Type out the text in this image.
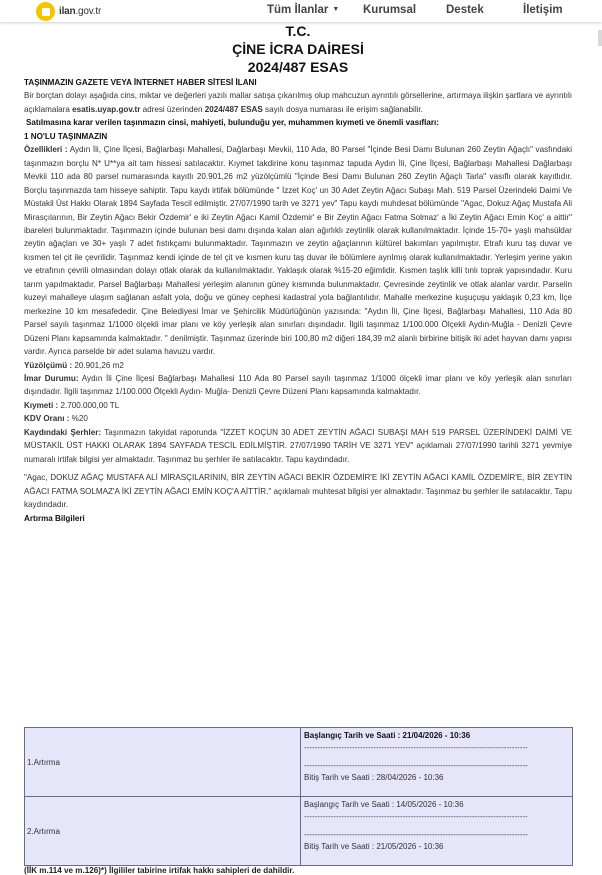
ilan.gov.tr	Tüm İlanlar ▼ Kurumsal	Destek	İletişim
T.C.
ÇİNE İCRA DAİRESİ
2024/487 ESAS
TAŞINMAZIN GAZETE VEYA İNTERNET HABER SİTESİ İLANI

Bir borçtan dolayı aşağıda cins, miktar ve değerleri yazılı mallar satışa çıkarılmış olup mahcuzun ayrıntılı görsellerine, artırmaya ilişkin şartlara ve ayrıntılı açıklamalara esatis.uyap.gov.tr adresi üzerinden 2024/487 ESAS sayılı dosya numarası ile erişim sağlanabilir.

Satılmasına karar verilen taşınmazın cinsi, mahiyeti, bulunduğu yer, muhammen kıymeti ve önemli vasıfları:
1 NO'LU TAŞINMAZIN

Özellikleri : Aydın İli, Çine İlçesi, Bağlarbaşı Mahallesi, Dağlarbaşı Mevkii, 110 Ada, 80 Parsel "İçinde Besi Damı Bulunan 260 Zeytin Ağaçlı" vasfındaki taşınmazın borçlu N* U**ya ait tam hissesi satılacaktır. Kıymet takdirine konu taşınmaz tapuda Aydın İli, Çine İlçesi, Bağlarbaşı Mahallesi Dağlarbaşı Mevkii 110 ada 80 parsel numarasında kayıtlı 20.901,26 m2 yüzölçümlü "İçinde Besi Damı Bulunan 260 Zeytin Ağaçlı Tarla" vasıflı olarak kayıtlıdır. Borçlu taşınmazda tam hisseye sahiptir. Tapu kaydı irtifak bölümünde " İzzet Koç' un 30 Adet Zeytin Ağacı Subaşı Mah. 519 Parsel Üzerindeki Daimi Ve Müstakil Üst Hakkı Olarak 1894 Sayfada Tescil edilmiştir. 27/07/1990 tarih ve 3271 yev" Tapu kaydı muhdesat bölümünde "Agac, Dokuz Ağaç Mustafa Ali Mirasçılarının, Bir Zeytin Ağacı Bekir Özdemir' e iki Zeytin Ağacı Kamil Özdemir' e Bir Zeytin Ağacı Fatma Solmaz' a İki Zeytin Ağacı Emin Koç' a aittir" ibareleri bulunmaktadır. Taşınmazın içinde bulunan besi damı dışında kalan alan ağırlıklı zeytinlik olarak kullanılmaktadır. İçinde 15-70+ yaşlı mahsüldar zeytin ağaçları ve 30+ yaşlı 7 adet fıstıkçamı bulunmaktadır. Taşınmazın ve zeytin ağaçlarının kültürel bakımları yapılmıştır. Etrafı kuru taş duvar ve kısmen tel çit ile çevrilidir. Taşınmaz kendi içinde de tel çit ve kısmen kuru taş duvar ile bölümlere ayrılmış olarak kullanılmaktadır. Yerleşim yerine yakın ve etrafının çevrili olmasından dolayı otlak olarak da kullanılmaktadır. Yaklaşık olarak %15-20 eğimlidir. Kısmen taşlık killi tınlı toprak yapısındadır. Kuru tarım yapılmaktadır. Parsel Bağlarbaşı Mahallesi yerleşim alanının güney kısmında bulunmaktadır. Çevresinde zeytinlik ve otlak alanlar vardır. Parselin kuzeyi mahalleye ulaşım sağlanan asfalt yola, doğu ve güney cephesi kadastral yola bağlantılıdır. Mahalle merkezine kuşuçuşu yaklaşık 0,23 km, İlçe merkezine 10 km mesafededir. Çine Belediyesi İmar ve Şehircilik Müdürlüğünün yazısında: "Aydın İli, Çine İlçesi, Bağlarbaşı Mahallesi, 110 Ada 80 Parsel sayılı taşınmaz 1/1000 ölçekli imar planı ve köy yerleşik alan sınırları dışındadır. İlgili taşınmaz 1/100.000 Ölçekli Aydın-Muğla - Denizli Çevre Düzeni Planı kapsamında kalmaktadır. " denilmiştir. Taşınmaz üzerinde biri 100,80 m2 diğeri 184,39 m2 alanlı birbirine bitişik iki adet hayvan damı yapısı vardır. Ayrıca parselde bir adet sulama havuzu vardır.

Yüzölçümü : 20.901,26 m2

İmar Durumu: Aydın İli Çine İlçesi Bağlarbaşı Mahallesi 110 Ada 80 Parsel sayılı taşınmaz 1/1000 ölçekli imar planı ve köy yerleşik alan sınırları dışındadır. İlgili taşınmaz 1/100.000 Ölçekli Aydın- Muğla- Denizli Çevre Düzeni Planı kapsamında kalmaktadır.

Kıymeti : 2.700.000,00 TL

KDV Oranı : %20

Kaydındaki Şerhler: Taşınmazın takyidat raporunda "İZZET KOÇUN 30 ADET ZEYTİN AĞACI SUBAŞI MAH 519 PARSEL ÜZERİNDEKİ DAİMİ VE MÜSTAKİL ÜST HAKKI OLARAK 1894 SAYFADA TESCİL EDİLMİŞTİR. 27/07/1990 TARİH VE 3271 YEV" açıklamalı 27/07/1990 tarihli 3271 yevmiye numaralı irtifak bilgisi yer almaktadır. Taşınmaz bu şerhler ile satılacaktır. Tapu kaydındadır.

"Agac, DOKUZ AĞAÇ MUSTAFA ALİ MİRASÇILARININ, BİR ZEYTİN AĞACI BEKİR ÖZDEMİR'E İKİ ZEYTİN AĞACI KAMİL ÖZDEMİR'E, BİR ZEYTİN AĞACI FATMA SOLMAZ'A İKİ ZEYTİN AĞACI EMİN KOÇ'A AİTTİR." açıklamalı muhtesat bilgisi yer almaktadır. Taşınmaz bu şerhler ile satılacaktır. Tapu kaydındadır.

Artırma Bilgileri
1.Artırma	Başlangıç Tarih ve Saati : 21/04/2026 - 10:36
------------------------------------------------------------------------------------
------------------------------------------------------------------------------------
Bitiş Tarih ve Saati : 28/04/2026 - 10:36

2.Artırma	Başlangıç Tarih ve Saati : 14/05/2026 - 10:36
------------------------------------------------------------------------------------
------------------------------------------------------------------------------------
Bitiş Tarih ve Saati : 21/05/2026 - 10:36
(İİK m.114 ve m.126)*) İlgililer tabirine irtifak hakkı sahipleri de dahildir.
